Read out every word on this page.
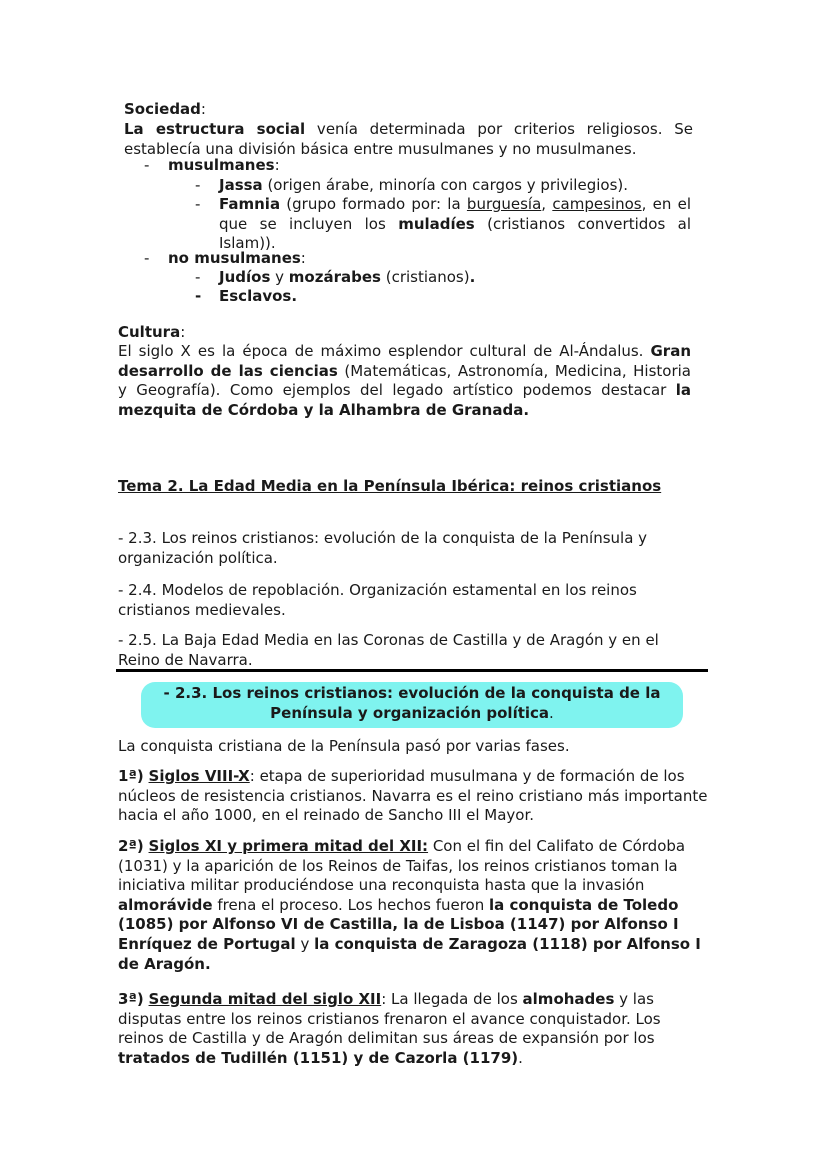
Sociedad:
La estructura social venía determinada por criterios religiosos. Se establecía una división básica entre musulmanes y no musulmanes.
- musulmanes:
- Jassa (origen árabe, minoría con cargos y privilegios).
- Famnia (grupo formado por: la burguesía, campesinos, en el que se incluyen los muladíes (cristianos convertidos al Islam)).
- no musulmanes:
- Judíos y mozárabes (cristianos).
- Esclavos.
Cultura:
El siglo X es la época de máximo esplendor cultural de Al-Ándalus. Gran desarrollo de las ciencias (Matemáticas, Astronomía, Medicina, Historia y Geografía). Como ejemplos del legado artístico podemos destacar la mezquita de Córdoba y la Alhambra de Granada.
Tema 2. La Edad Media en la Península Ibérica: reinos cristianos
- 2.3. Los reinos cristianos: evolución de la conquista de la Península y organización política.
- 2.4. Modelos de repoblación. Organización estamental en los reinos cristianos medievales.
- 2.5. La Baja Edad Media en las Coronas de Castilla y de Aragón y en el Reino de Navarra.
- 2.3. Los reinos cristianos: evolución de la conquista de la
Península y organización política.
La conquista cristiana de la Península pasó por varias fases.
1ª) Siglos VIII-X: etapa de superioridad musulmana y de formación de los núcleos de resistencia cristianos. Navarra es el reino cristiano más importante hacia el año 1000, en el reinado de Sancho III el Mayor.
2ª) Siglos XI y primera mitad del XII: Con el fin del Califato de Córdoba (1031) y la aparición de los Reinos de Taifas, los reinos cristianos toman la iniciativa militar produciéndose una reconquista hasta que la invasión almorávide frena el proceso. Los hechos fueron la conquista de Toledo (1085) por Alfonso VI de Castilla, la de Lisboa (1147) por Alfonso I Enríquez de Portugal y la conquista de Zaragoza (1118) por Alfonso I de Aragón.
3ª) Segunda mitad del siglo XII: La llegada de los almohades y las disputas entre los reinos cristianos frenaron el avance conquistador. Los reinos de Castilla y de Aragón delimitan sus áreas de expansión por los tratados de Tudillén (1151) y de Cazorla (1179).
